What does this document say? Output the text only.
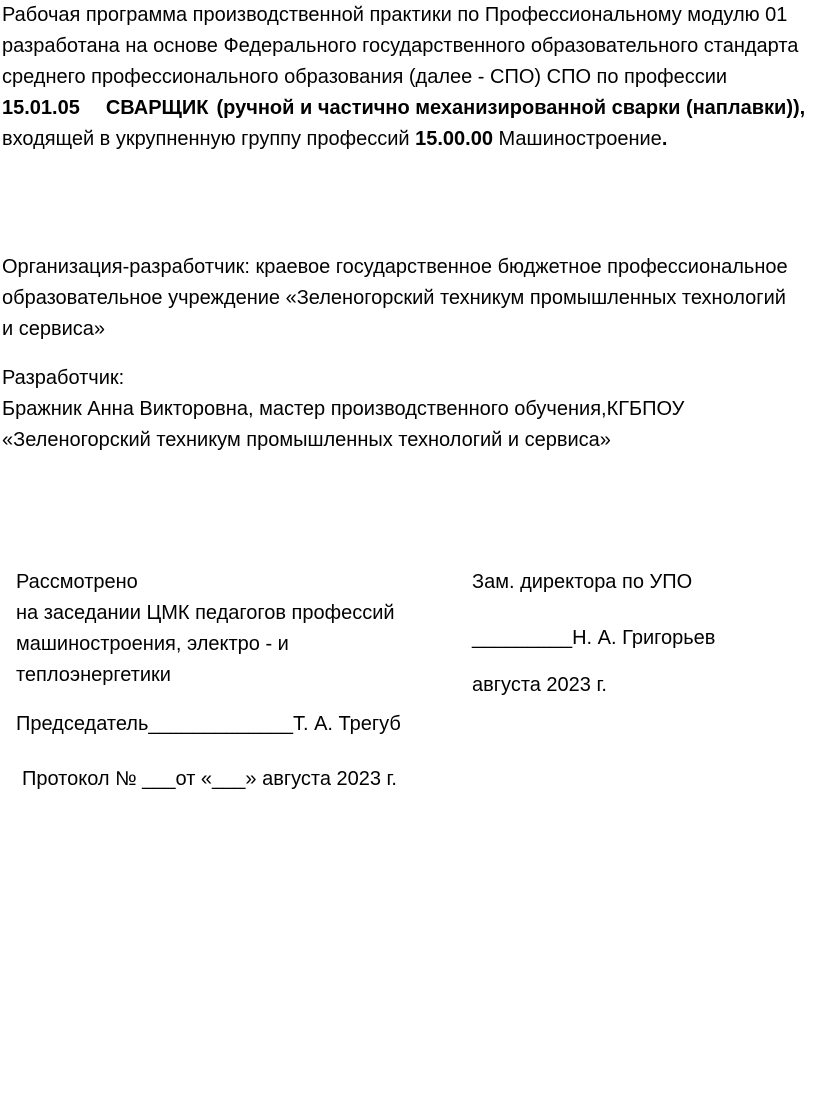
Рабочая программа производственной практики по Профессиональному модулю 01

разработана на основе Федерального государственного образовательного стандарта

среднего профессионального образования (далее - СПО) СПО по профессии

15.01.05 СВАРЩИК (ручной и частично механизированной сварки (наплавки)),

входящей в укрупненную группу профессий 15.00.00 Машиностроение.

Организация-разработчик: краевое государственное бюджетное профессиональное

образовательное учреждение «Зеленогорский техникум промышленных технологий

и сервиса»

Разработчик:

Бражник Анна Викторовна, мастер производственного обучения,КГБПОУ

«Зеленогорский техникум промышленных технологий и сервиса»

Рассмотрено

на заседании ЦМК педагогов профессий

машиностроения, электро - и

теплоэнергетики

Председатель_____________Т. А. Трегуб

Протокол № ___от «___» августа 2023 г.

Зам. директора по УПО

_________Н. А. Григорьев

августа 2023 г.
